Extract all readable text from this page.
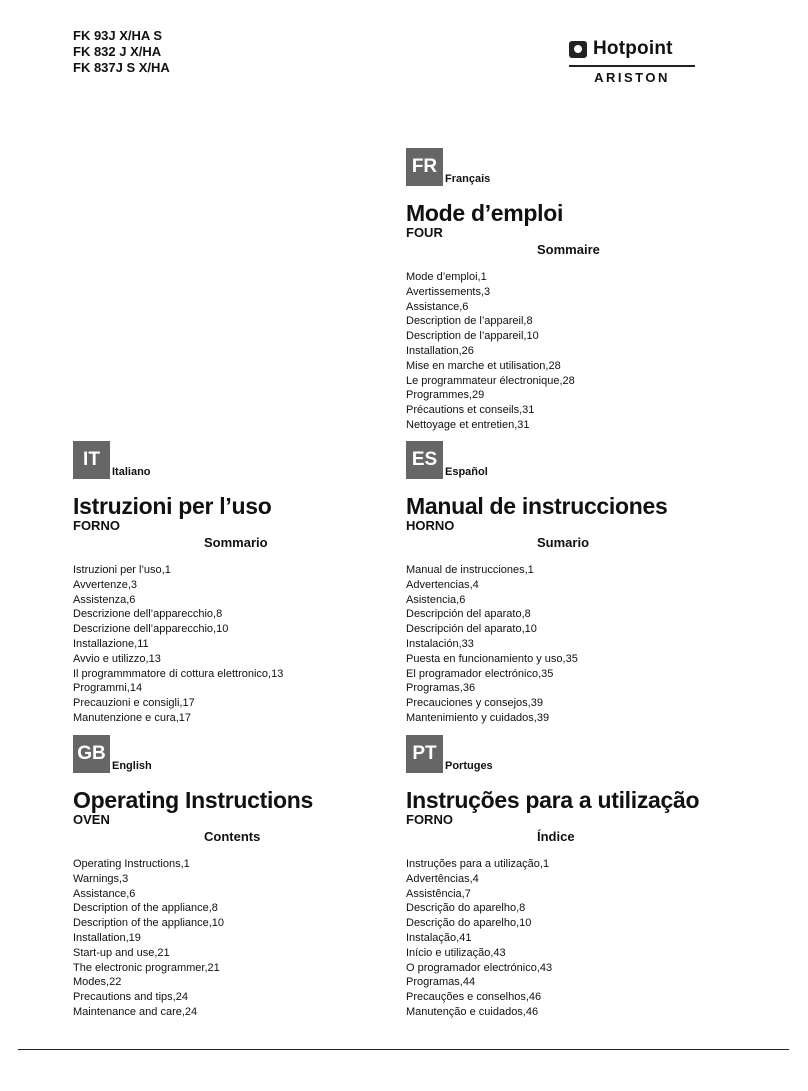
FK 93J X/HA S
FK 832 J X/HA
FK 837J S X/HA
Hotpoint
ARISTON
FR
Français
Mode d’emploi
FOUR
Sommaire
Mode d’emploi,1
Avertissements,3
Assistance,6
Description de l’appareil,8
Description de l’appareil,10
Installation,26
Mise en marche et utilisation,28
Le programmateur électronique,28
Programmes,29
Précautions et conseils,31
Nettoyage et entretien,31
IT
Italiano
Istruzioni per l’uso
FORNO
Sommario
Istruzioni per l’uso,1
Avvertenze,3
Assistenza,6
Descrizione dell’apparecchio,8
Descrizione dell’apparecchio,10
Installazione,11
Avvio e utilizzo,13
Il programmmatore di cottura elettronico,13
Programmi,14
Precauzioni e consigli,17
Manutenzione e cura,17
ES
Español
Manual de instrucciones
HORNO
Sumario
Manual de instrucciones,1
Advertencias,4
Asistencia,6
Descripción del aparato,8
Descripción del aparato,10
Instalación,33
Puesta en funcionamiento y uso,35
El programador electrónico,35
Programas,36
Precauciones y consejos,39
Mantenimiento y cuidados,39
GB
English
Operating Instructions
OVEN
Contents
Operating Instructions,1
Warnings,3
Assistance,6
Description of the appliance,8
Description of the appliance,10
Installation,19
Start-up and use,21
The electronic programmer,21
Modes,22
Precautions and tips,24
Maintenance and care,24
PT
Portuges
Instruções para a utilização
FORNO
Índice
Instruções para a utilização,1
Advertências,4
Assistência,7
Descrição do aparelho,8
Descrição do aparelho,10
Instalação,41
Início e utilização,43
O programador electrónico,43
Programas,44
Precauções e conselhos,46
Manutenção e cuidados,46
